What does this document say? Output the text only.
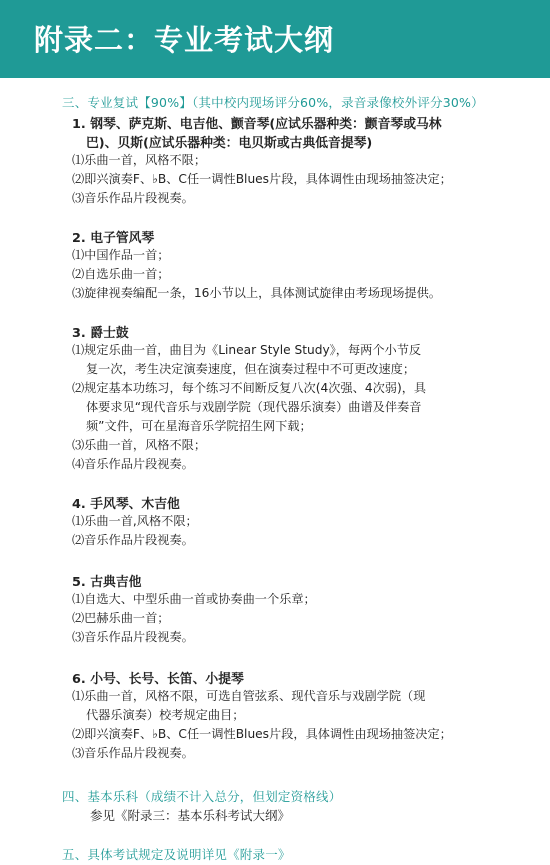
附录二：专业考试大纲
三、专业复试【90%】（其中校内现场评分60%，录音录像校外评分30%）
1. 钢琴、萨克斯、电吉他、颤音琴(应试乐器种类：颤音琴或马林
巴)、贝斯(应试乐器种类：电贝斯或古典低音提琴)
⑴乐曲一首，风格不限；
⑵即兴演奏F、♭B、C任一调性Blues片段，具体调性由现场抽签决定；
⑶音乐作品片段视奏。
2. 电子管风琴
⑴中国作品一首；
⑵自选乐曲一首；
⑶旋律视奏编配一条，16小节以上，具体测试旋律由考场现场提供。
3. 爵士鼓
⑴规定乐曲一首，曲目为《Linear Style Study》，每两个小节反
复一次，考生决定演奏速度，但在演奏过程中不可更改速度；
⑵规定基本功练习，每个练习不间断反复八次(4次强、4次弱)，具
体要求见“现代音乐与戏剧学院（现代器乐演奏）曲谱及伴奏音
频”文件，可在星海音乐学院招生网下载；
⑶乐曲一首，风格不限；
⑷音乐作品片段视奏。
4. 手风琴、木吉他
⑴乐曲一首,风格不限；
⑵音乐作品片段视奏。
5. 古典吉他
⑴自选大、中型乐曲一首或协奏曲一个乐章；
⑵巴赫乐曲一首；
⑶音乐作品片段视奏。
6. 小号、长号、长笛、小提琴
⑴乐曲一首，风格不限，可选自管弦系、现代音乐与戏剧学院（现
代器乐演奏）校考规定曲目；
⑵即兴演奏F、♭B、C任一调性Blues片段，具体调性由现场抽签决定；
⑶音乐作品片段视奏。
四、基本乐科（成绩不计入总分，但划定资格线）
参见《附录三：基本乐科考试大纲》
五、具体考试规定及说明详见《附录一》
